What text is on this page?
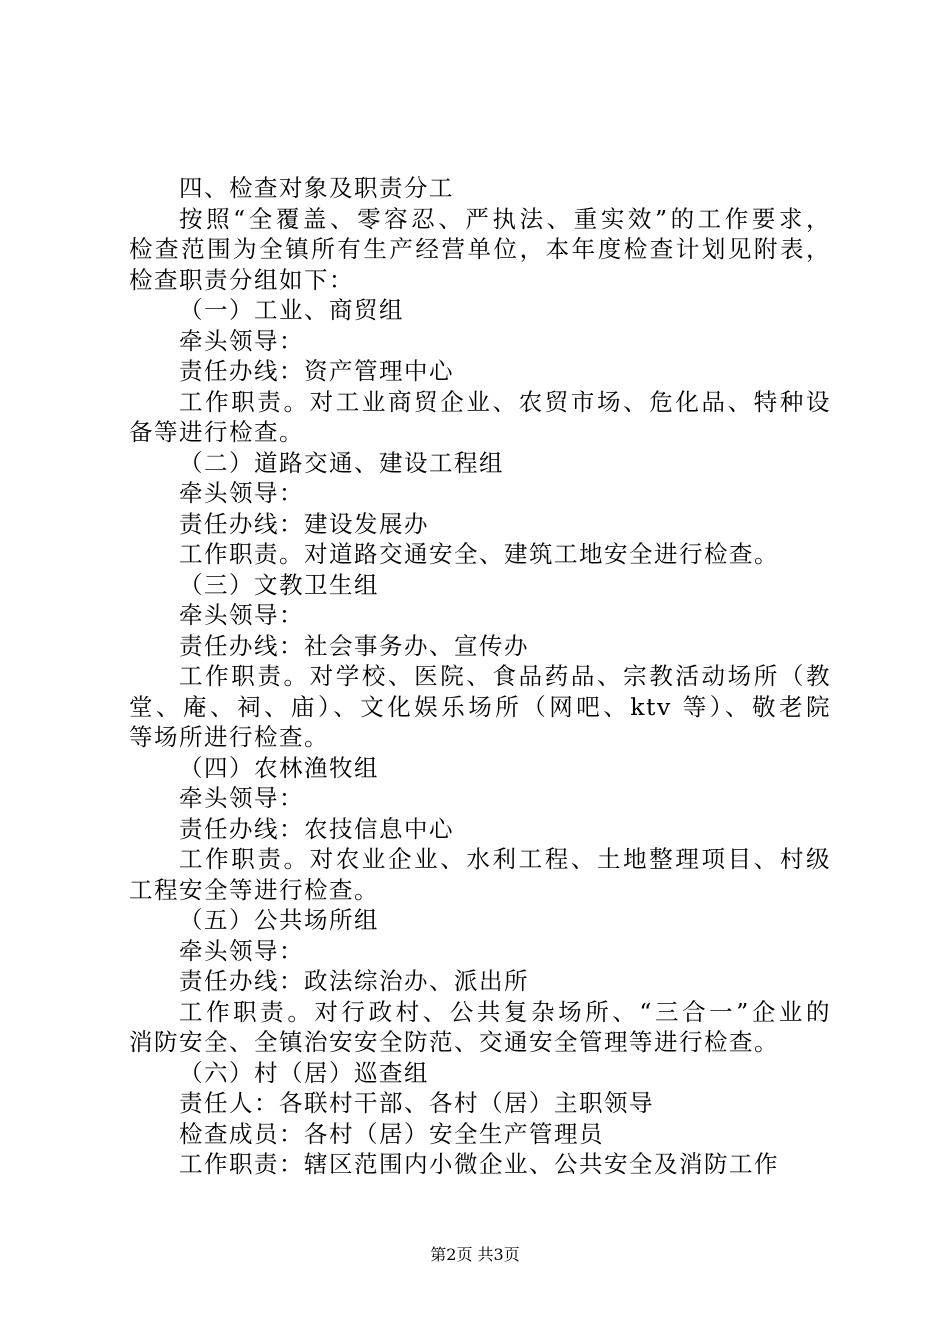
四、检查对象及职责分工
按照“全覆盖、零容忍、严执法、重实效”的工作要求，
检查范围为全镇所有生产经营单位，本年度检查计划见附表，
检查职责分组如下：
（一）工业、商贸组
牵头领导：
责任办线：资产管理中心
工作职责。对工业商贸企业、农贸市场、危化品、特种设
备等进行检查。
（二）道路交通、建设工程组
牵头领导：
责任办线：建设发展办
工作职责。对道路交通安全、建筑工地安全进行检查。
（三）文教卫生组
牵头领导：
责任办线：社会事务办、宣传办
工作职责。对学校、医院、食品药品、宗教活动场所（教
堂、庵、祠、庙）、文化娱乐场所（网吧、ktv 等）、敬老院
等场所进行检查。
（四）农林渔牧组
牵头领导：
责任办线：农技信息中心
工作职责。对农业企业、水利工程、土地整理项目、村级
工程安全等进行检查。
（五）公共场所组
牵头领导：
责任办线：政法综治办、派出所
工作职责。对行政村、公共复杂场所、“三合一”企业的
消防安全、全镇治安安全防范、交通安全管理等进行检查。
（六）村（居）巡查组
责任人：各联村干部、各村（居）主职领导
检查成员：各村（居）安全生产管理员
工作职责：辖区范围内小微企业、公共安全及消防工作
第2页 共3页
